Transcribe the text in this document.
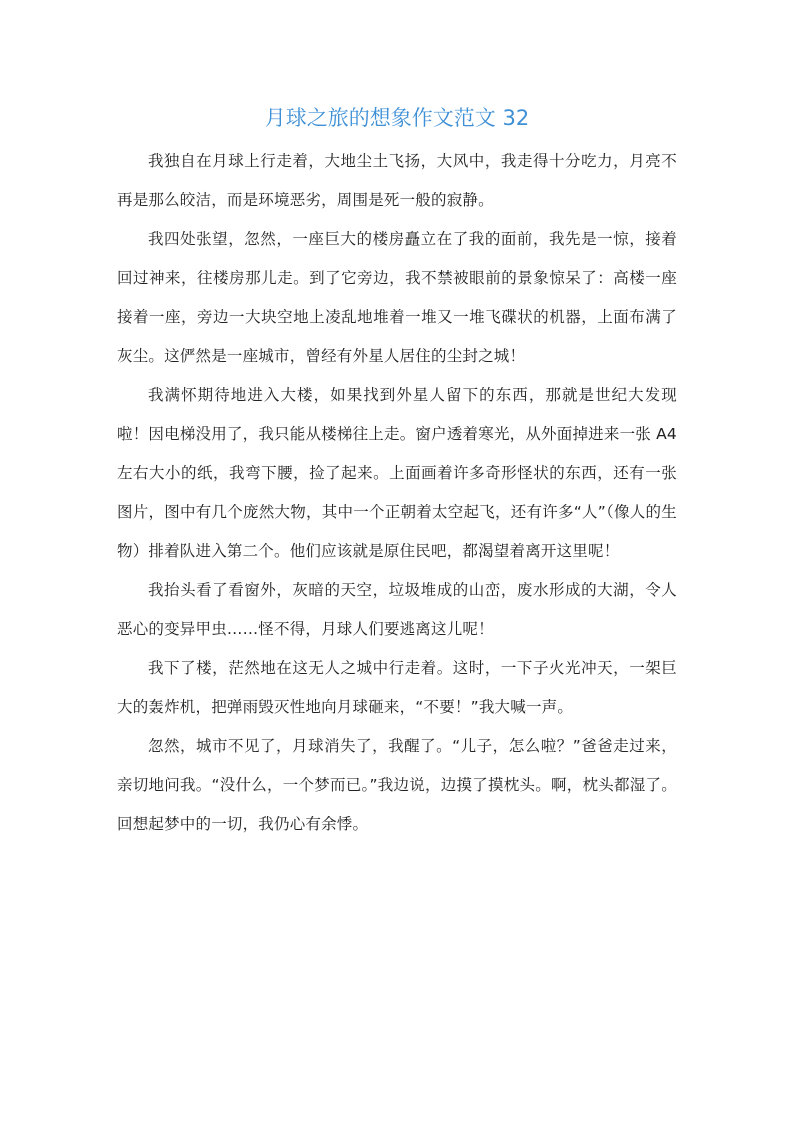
月球之旅的想象作文范文 32

我独自在月球上行走着，大地尘土飞扬，大风中，我走得十分吃力，月亮不再是那么皎洁，而是环境恶劣，周围是死一般的寂静。

我四处张望，忽然，一座巨大的楼房矗立在了我的面前，我先是一惊，接着回过神来，往楼房那儿走。到了它旁边，我不禁被眼前的景象惊呆了：高楼一座接着一座，旁边一大块空地上凌乱地堆着一堆又一堆飞碟状的机器，上面布满了灰尘。这俨然是一座城市，曾经有外星人居住的尘封之城！

我满怀期待地进入大楼，如果找到外星人留下的东西，那就是世纪大发现啦！因电梯没用了，我只能从楼梯往上走。窗户透着寒光，从外面掉进来一张 A4 左右大小的纸，我弯下腰，捡了起来。上面画着许多奇形怪状的东西，还有一张图片，图中有几个庞然大物，其中一个正朝着太空起飞，还有许多“人”（像人的生物）排着队进入第二个。他们应该就是原住民吧，都渴望着离开这里呢！

我抬头看了看窗外，灰暗的天空，垃圾堆成的山峦，废水形成的大湖，令人恶心的变异甲虫……怪不得，月球人们要逃离这儿呢！

我下了楼，茫然地在这无人之城中行走着。这时，一下子火光冲天，一架巨大的轰炸机，把弹雨毁灭性地向月球砸来，“不要！”我大喊一声。

忽然，城市不见了，月球消失了，我醒了。“儿子，怎么啦？”爸爸走过来，亲切地问我。“没什么，一个梦而已。”我边说，边摸了摸枕头。啊，枕头都湿了。回想起梦中的一切，我仍心有余悸。
